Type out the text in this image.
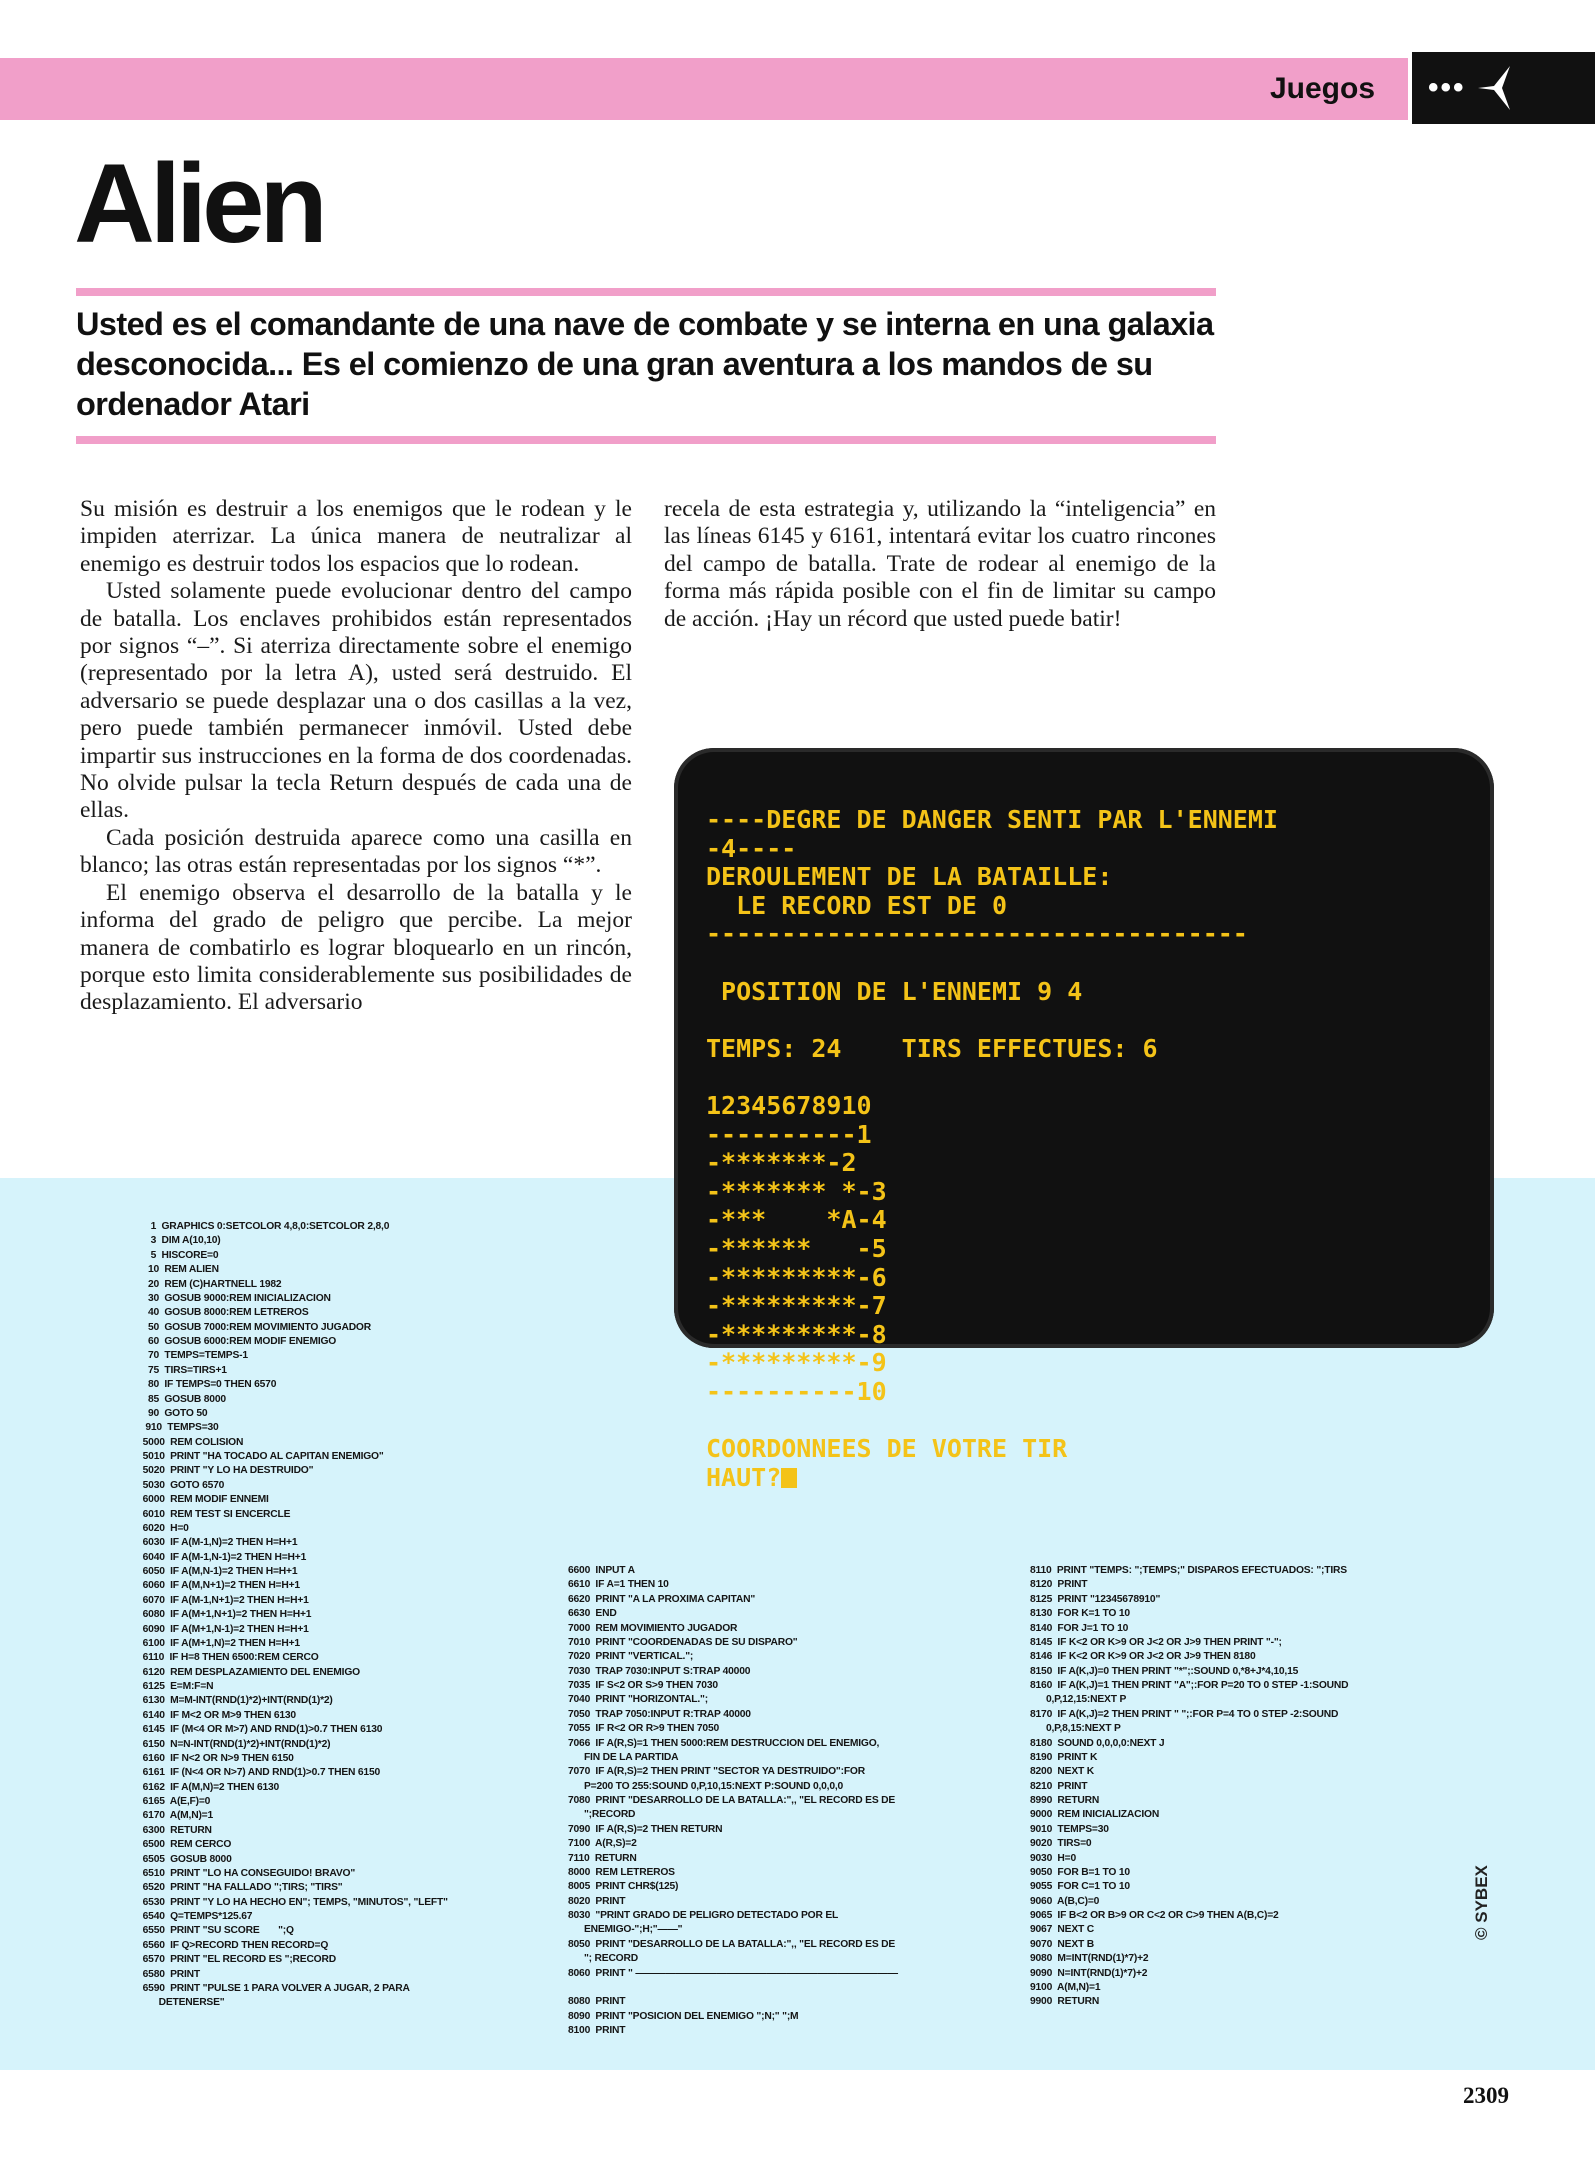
Juegos •••
Alien

Usted es el comandante de una nave de combate y se interna en una galaxia desconocida... Es el comienzo de una gran aventura a los mandos de su ordenador Atari

Su misión es destruir a los enemigos que le rodean y le impiden aterrizar. La única manera de neutralizar al enemigo es destruir todos los espacios que lo rodean.

Usted solamente puede evolucionar dentro del campo de batalla. Los enclaves prohibidos están representados por signos “–”. Si aterriza directamente sobre el enemigo (representado por la letra A), usted será destruido. El adversario se puede desplazar una o dos casillas a la vez, pero puede también permanecer inmóvil. Usted debe impartir sus instrucciones en la forma de dos coordenadas. No olvide pulsar la tecla Return después de cada una de ellas.

Cada posición destruida aparece como una casilla en blanco; las otras están representadas por los signos “*”.

El enemigo observa el desarrollo de la batalla y le informa del grado de peligro que percibe. La mejor manera de combatirlo es lograr bloquearlo en un rincón, porque esto limita considerablemente sus posibilidades de desplazamiento. El adversario

recela de esta estrategia y, utilizando la “inteligencia” en las líneas 6145 y 6161, intentará evitar los cuatro rincones del campo de batalla. Trate de rodear al enemigo de la forma más rápida posible con el fin de limitar su campo de acción. ¡Hay un récord que usted puede batir!

----DEGRE DE DANGER SENTI PAR L'ENNEMI
-4----
DEROULEMENT DE LA BATAILLE:
LE RECORD EST DE 0
------------------------------------

POSITION DE L'ENNEMI 9 4

TEMPS: 24    TIRS EFFECTUES: 6

12345678910
----------1
-*******-2
-******* *-3
-***    *A-4
-******   -5
-*********-6
-*********-7
-*********-8
-*********-9
----------10

COORDONNEES DE VOTRE TIR
HAUT?
1  GRAPHICS 0:SETCOLOR 4,8,0:SETCOLOR 2,8,0
3  DIM A(10,10)
5  HISCORE=0
10  REM ALIEN
20  REM (C)HARTNELL 1982
30  GOSUB 9000:REM INICIALIZACION
40  GOSUB 8000:REM LETREROS
50  GOSUB 7000:REM MOVIMIENTO JUGADOR
60  GOSUB 6000:REM MODIF ENEMIGO
70  TEMPS=TEMPS-1
75  TIRS=TIRS+1
80  IF TEMPS=0 THEN 6570
85  GOSUB 8000
90  GOTO 50
910  TEMPS=30
5000  REM COLISION
5010  PRINT "HA TOCADO AL CAPITAN ENEMIGO"
5020  PRINT "Y LO HA DESTRUIDO"
5030  GOTO 6570
6000  REM MODIF ENNEMI
6010  REM TEST SI ENCERCLE
6020  H=0
6030  IF A(M-1,N)=2 THEN H=H+1
6040  IF A(M-1,N-1)=2 THEN H=H+1
6050  IF A(M,N-1)=2 THEN H=H+1
6060  IF A(M,N+1)=2 THEN H=H+1
6070  IF A(M-1,N+1)=2 THEN H=H+1
6080  IF A(M+1,N+1)=2 THEN H=H+1
6090  IF A(M+1,N-1)=2 THEN H=H+1
6100  IF A(M+1,N)=2 THEN H=H+1
6110  IF H=8 THEN 6500:REM CERCO
6120  REM DESPLAZAMIENTO DEL ENEMIGO
6125  E=M:F=N
6130  M=M-INT(RND(1)*2)+INT(RND(1)*2)
6140  IF M<2 OR M>9 THEN 6130
6145  IF (M<4 OR M>7) AND RND(1)>0.7 THEN 6130
6150  N=N-INT(RND(1)*2)+INT(RND(1)*2)
6160  IF N<2 OR N>9 THEN 6150
6161  IF (N<4 OR N>7) AND RND(1)>0.7 THEN 6150
6162  IF A(M,N)=2 THEN 6130
6165  A(E,F)=0
6170  A(M,N)=1
6300  RETURN
6500  REM CERCO
6505  GOSUB 8000
6510  PRINT "LO HA CONSEGUIDO! BRAVO"
6520  PRINT "HA FALLADO ";TIRS; "TIRS"
6530  PRINT "Y LO HA HECHO EN"; TEMPS, "MINUTOS", "LEFT"
6540  Q=TEMPS*125.67
6550  PRINT "SU SCORE       ";Q
6560  IF Q>RECORD THEN RECORD=Q
6570  PRINT "EL RECORD ES ";RECORD
6580  PRINT
6590  PRINT "PULSE 1 PARA VOLVER A JUGAR, 2 PARA
DETENERSE"
6600  INPUT A
6610  IF A=1 THEN 10
6620  PRINT "A LA PROXIMA CAPITAN"
6630  END
7000  REM MOVIMIENTO JUGADOR
7010  PRINT "COORDENADAS DE SU DISPARO"
7020  PRINT "VERTICAL.";
7030  TRAP 7030:INPUT S:TRAP 40000
7035  IF S<2 OR S>9 THEN 7030
7040  PRINT "HORIZONTAL.";
7050  TRAP 7050:INPUT R:TRAP 40000
7055  IF R<2 OR R>9 THEN 7050
7066  IF A(R,S)=1 THEN 5000:REM DESTRUCCION DEL ENEMIGO,
FIN DE LA PARTIDA
7070  IF A(R,S)=2 THEN PRINT "SECTOR YA DESTRUIDO":FOR
P=200 TO 255:SOUND 0,P,10,15:NEXT P:SOUND 0,0,0,0
7080  PRINT "DESARROLLO DE LA BATALLA:",, "EL RECORD ES DE
";RECORD
7090  IF A(R,S)=2 THEN RETURN
7100  A(R,S)=2
7110  RETURN
8000  REM LETREROS
8005  PRINT CHR$(125)
8020  PRINT
8030  "PRINT GRADO DE PELIGRO DETECTADO POR EL
ENEMIGO-";H;"——"
8050  PRINT "DESARROLLO DE LA BATALLA:",, "EL RECORD ES DE
"; RECORD
8060  PRINT " ——————————————————————————

8080  PRINT
8090  PRINT "POSICION DEL ENEMIGO ";N;" ";M
8100  PRINT
8110  PRINT "TEMPS: ";TEMPS;" DISPAROS EFECTUADOS: ";TIRS
8120  PRINT
8125  PRINT "12345678910"
8130  FOR K=1 TO 10
8140  FOR J=1 TO 10
8145  IF K<2 OR K>9 OR J<2 OR J>9 THEN PRINT "-";
8146  IF K<2 OR K>9 OR J<2 OR J>9 THEN 8180
8150  IF A(K,J)=0 THEN PRINT "*";:SOUND 0,*8+J*4,10,15
8160  IF A(K,J)=1 THEN PRINT "A";:FOR P=20 TO 0 STEP -1:SOUND
0,P,12,15:NEXT P
8170  IF A(K,J)=2 THEN PRINT " ";:FOR P=4 TO 0 STEP -2:SOUND
0,P,8,15:NEXT P
8180  SOUND 0,0,0,0:NEXT J
8190  PRINT K
8200  NEXT K
8210  PRINT
8990  RETURN
9000  REM INICIALIZACION
9010  TEMPS=30
9020  TIRS=0
9030  H=0
9050  FOR B=1 TO 10
9055  FOR C=1 TO 10
9060  A(B,C)=0
9065  IF B<2 OR B>9 OR C<2 OR C>9 THEN A(B,C)=2
9067  NEXT C
9070  NEXT B
9080  M=INT(RND(1)*7)+2
9090  N=INT(RND(1)*7)+2
9100  A(M,N)=1
9900  RETURN
© SYBEX
2309
